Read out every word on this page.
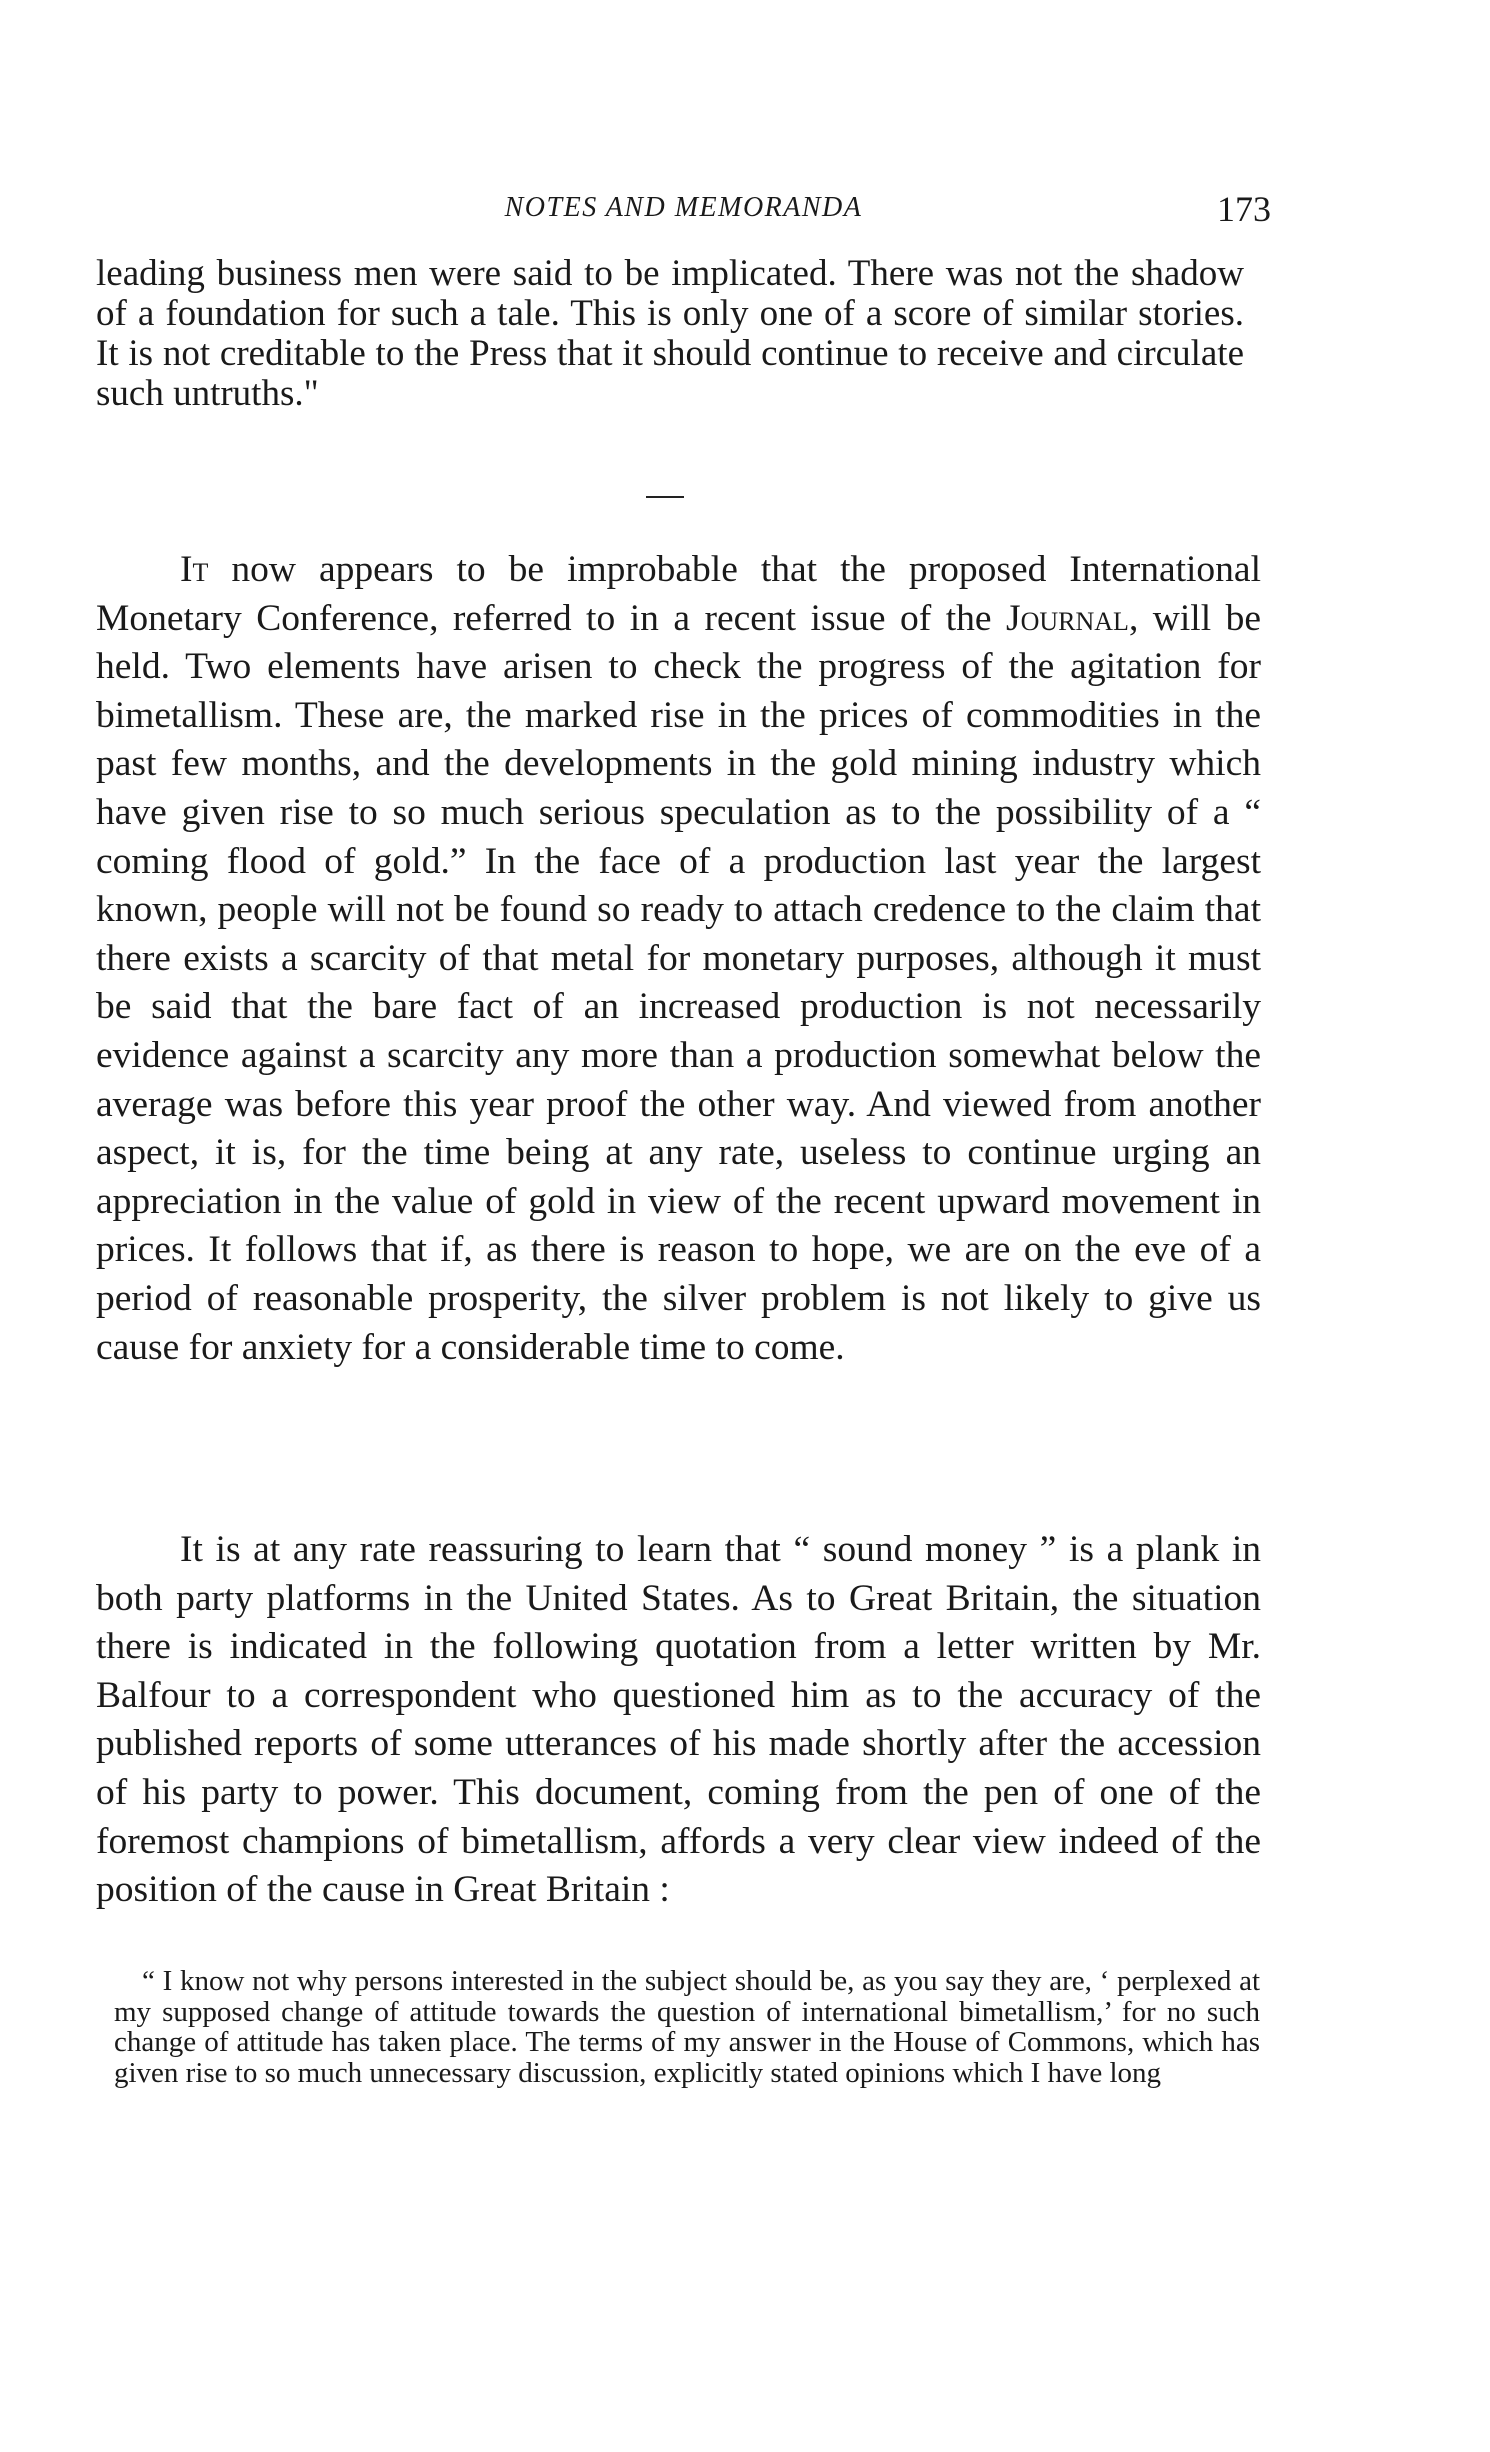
NOTES AND MEMORANDA	173

leading business men were said to be implicated. There was not the shadow of a foundation for such a tale. This is only one of a score of similar stories. It is not creditable to the Press that it should continue to receive and circulate such untruths."

It now appears to be improbable that the proposed International Monetary Conference, referred to in a recent issue of the Journal, will be held. Two elements have arisen to check the progress of the agitation for bimetallism. These are, the marked rise in the prices of commodities in the past few months, and the developments in the gold mining industry which have given rise to so much serious speculation as to the possibility of a “ coming flood of gold.” In the face of a production last year the largest known, people will not be found so ready to attach credence to the claim that there exists a scarcity of that metal for monetary purposes, although it must be said that the bare fact of an increased production is not necessarily evidence against a scarcity any more than a production somewhat below the average was before this year proof the other way. And viewed from another aspect, it is, for the time being at any rate, useless to continue urging an appreciation in the value of gold in view of the recent upward movement in prices. It follows that if, as there is reason to hope, we are on the eve of a period of reasonable prosperity, the silver problem is not likely to give us cause for anxiety for a considerable time to come.

It is at any rate reassuring to learn that “ sound money ” is a plank in both party platforms in the United States. As to Great Britain, the situation there is indicated in the following quotation from a letter written by Mr. Balfour to a correspondent who questioned him as to the accuracy of the published reports of some utterances of his made shortly after the accession of his party to power. This document, coming from the pen of one of the foremost champions of bimetallism, affords a very clear view indeed of the position of the cause in Great Britain :

“ I know not why persons interested in the subject should be, as you say they are, ‘ perplexed at my supposed change of attitude towards the question of international bimetallism,’ for no such change of attitude has taken place. The terms of my answer in the House of Commons, which has given rise to so much unnecessary discussion, explicitly stated opinions which I have long
